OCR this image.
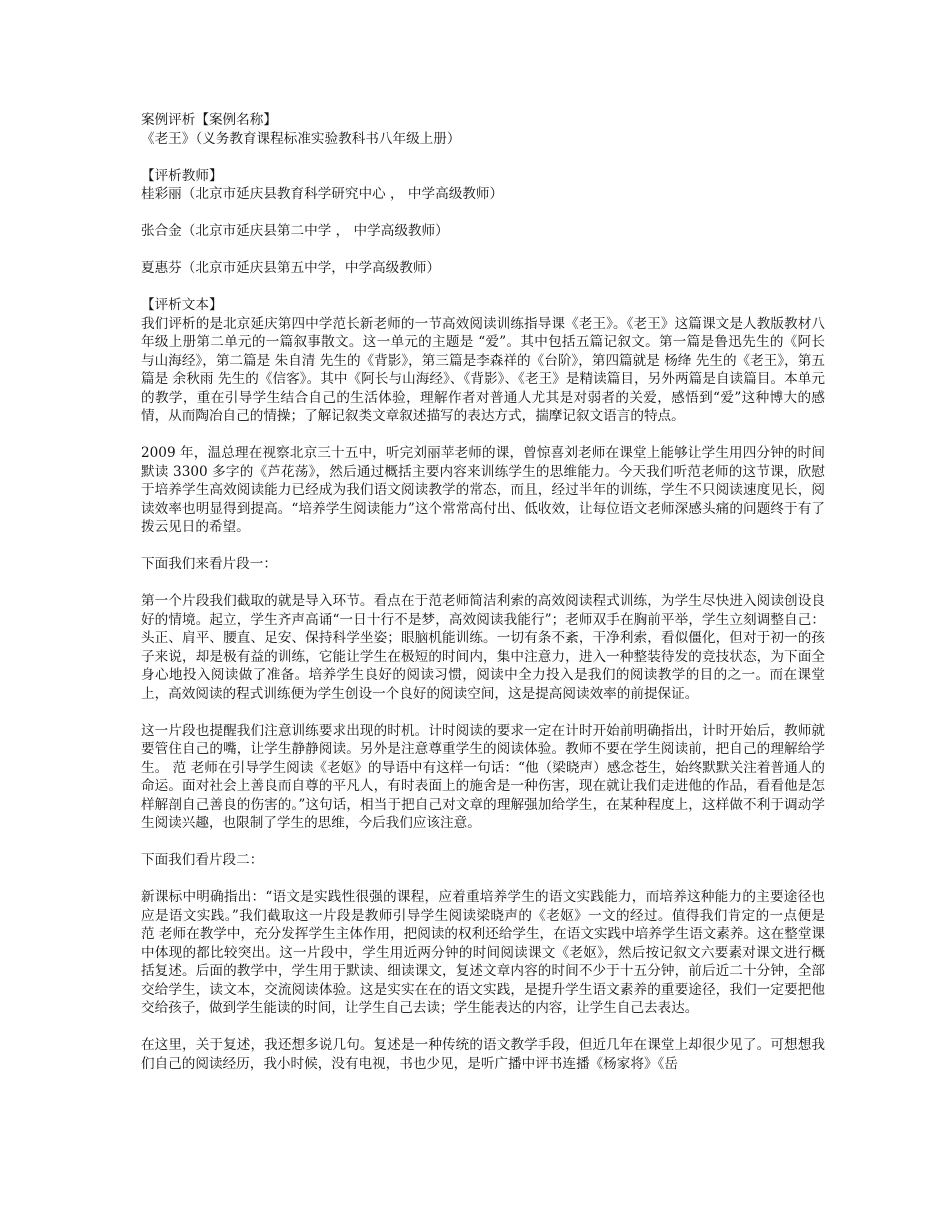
案例评析【案例名称】

《老王》（义务教育课程标准实验教科书八年级上册）

【评析教师】

桂彩丽（北京市延庆县教育科学研究中心 ， 中学高级教师）

张合金（北京市延庆县第二中学 ， 中学高级教师）

夏惠芬（北京市延庆县第五中学，中学高级教师）

【评析文本】

我们评析的是北京延庆第四中学范长新老师的一节高效阅读训练指导课《老王》。《老王》这篇课文是人教版教材八年级上册第二单元的一篇叙事散文。这一单元的主题是 “爱”。其中包括五篇记叙文。第一篇是鲁迅先生的《阿长与山海经》，第二篇是 朱自清 先生的《背影》，第三篇是李森祥的《台阶》，第四篇就是 杨绛 先生的《老王》，第五篇是 余秋雨 先生的《信客》。其中《阿长与山海经》、《背影》、《老王》是精读篇目，另外两篇是自读篇目。本单元的教学，重在引导学生结合自己的生活体验，理解作者对普通人尤其是对弱者的关爱，感悟到“爱”这种博大的感情，从而陶冶自己的情操；了解记叙类文章叙述描写的表达方式，揣摩记叙文语言的特点。

2009 年，温总理在视察北京三十五中，听完刘丽苹老师的课，曾惊喜刘老师在课堂上能够让学生用四分钟的时间默读 3300 多字的《芦花荡》，然后通过概括主要内容来训练学生的思维能力。今天我们听范老师的这节课，欣慰于培养学生高效阅读能力已经成为我们语文阅读教学的常态，而且，经过半年的训练，学生不只阅读速度见长，阅读效率也明显得到提高。“培养学生阅读能力”这个常常高付出、低收效，让每位语文老师深感头痛的问题终于有了拨云见日的希望。

下面我们来看片段一：

第一个片段我们截取的就是导入环节。看点在于范老师简洁利索的高效阅读程式训练，为学生尽快进入阅读创设良好的情境。起立，学生齐声高诵“一日十行不是梦，高效阅读我能行”；老师双手在胸前平举，学生立刻调整自己：头正、肩平、腰直、足安、保持科学坐姿；眼脑机能训练。一切有条不紊，干净利索，看似僵化，但对于初一的孩子来说，却是极有益的训练，它能让学生在极短的时间内，集中注意力，进入一种整装待发的竞技状态，为下面全身心地投入阅读做了准备。培养学生良好的阅读习惯，阅读中全力投入是我们的阅读教学的目的之一。而在课堂上，高效阅读的程式训练便为学生创设一个良好的阅读空间，这是提高阅读效率的前提保证。

这一片段也提醒我们注意训练要求出现的时机。计时阅读的要求一定在计时开始前明确指出，计时开始后，教师就要管住自己的嘴，让学生静静阅读。另外是注意尊重学生的阅读体验。教师不要在学生阅读前，把自己的理解给学生。 范 老师在引导学生阅读《老妪》的导语中有这样一句话：“他（梁晓声）感念苍生，始终默默关注着普通人的命运。面对社会上善良而自尊的平凡人，有时表面上的施舍是一种伤害，现在就让我们走进他的作品，看看他是怎样解剖自己善良的伤害的。”这句话，相当于把自己对文章的理解强加给学生，在某种程度上，这样做不利于调动学生阅读兴趣，也限制了学生的思维，今后我们应该注意。

下面我们看片段二：

新课标中明确指出：“语文是实践性很强的课程，应着重培养学生的语文实践能力，而培养这种能力的主要途径也应是语文实践。”我们截取这一片段是教师引导学生阅读梁晓声的《老妪》一文的经过。值得我们肯定的一点便是 范 老师在教学中，充分发挥学生主体作用，把阅读的权利还给学生，在语文实践中培养学生语文素养。这在整堂课中体现的都比较突出。这一片段中，学生用近两分钟的时间阅读课文《老妪》，然后按记叙文六要素对课文进行概括复述。后面的教学中，学生用于默读、细读课文，复述文章内容的时间不少于十五分钟，前后近二十分钟，全部交给学生，读文本，交流阅读体验。这是实实在在的语文实践，是提升学生语文素养的重要途径，我们一定要把他交给孩子，做到学生能读的时间，让学生自己去读；学生能表达的内容，让学生自己去表达。

在这里，关于复述，我还想多说几句。复述是一种传统的语文教学手段，但近几年在课堂上却很少见了。可想想我们自己的阅读经历，我小时候，没有电视，书也少见，是听广播中评书连播《杨家将》《岳
